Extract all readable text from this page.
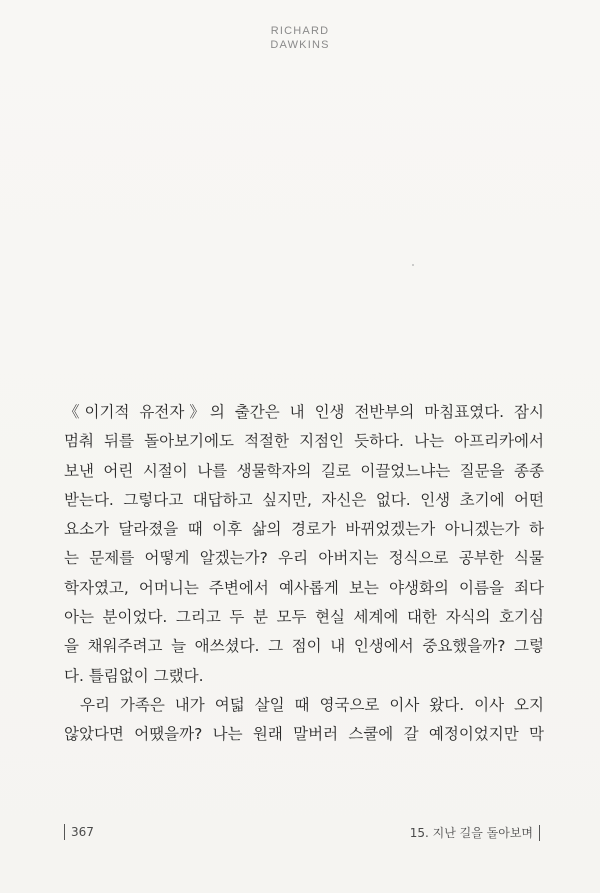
RICHARD
DAWKINS
《이기적 유전자》의 출간은 내 인생 전반부의 마침표였다. 잠시
멈춰 뒤를 돌아보기에도 적절한 지점인 듯하다. 나는 아프리카에서
보낸 어린 시절이 나를 생물학자의 길로 이끌었느냐는 질문을 종종
받는다. 그렇다고 대답하고 싶지만, 자신은 없다. 인생 초기에 어떤
요소가 달라졌을 때 이후 삶의 경로가 바뀌었겠는가 아니겠는가 하
는 문제를 어떻게 알겠는가? 우리 아버지는 정식으로 공부한 식물
학자였고, 어머니는 주변에서 예사롭게 보는 야생화의 이름을 죄다
아는 분이었다. 그리고 두 분 모두 현실 세계에 대한 자식의 호기심
을 채워주려고 늘 애쓰셨다. 그 점이 내 인생에서 중요했을까? 그렇
다. 틀림없이 그랬다.
우리 가족은 내가 여덟 살일 때 영국으로 이사 왔다. 이사 오지
않았다면 어땠을까? 나는 원래 말버러 스쿨에 갈 예정이었지만 막
367	15. 지난 길을 돌아보며
